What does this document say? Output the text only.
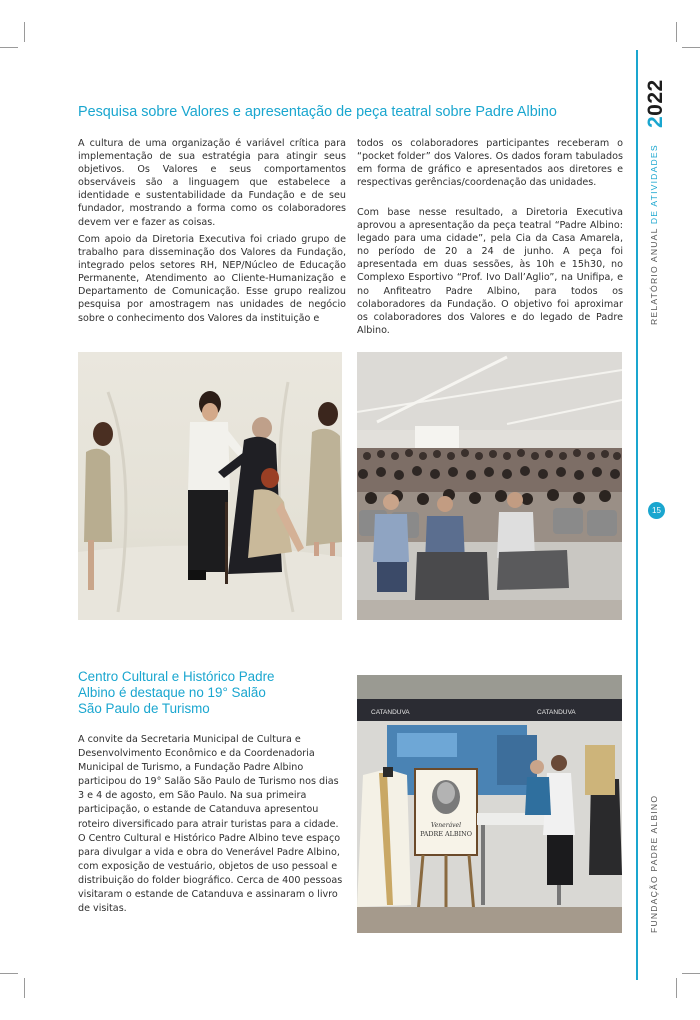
2022
RELATÓRIO ANUAL DE ATIVIDADES
15
FUNDAÇÃO PADRE ALBINO
Pesquisa sobre Valores e apresentação de peça teatral sobre Padre Albino

A cultura de uma organização é variável crítica para implementação de sua estratégia para atingir seus objetivos. Os Valores e seus comportamentos observáveis são a linguagem que estabelece a identidade e sustentabilidade da Fundação e de seu fundador, mostrando a forma como os colaboradores devem ver e fazer as coisas.

Com apoio da Diretoria Executiva foi criado grupo de trabalho para disseminação dos Valores da Fundação, integrado pelos setores RH, NEP/Núcleo de Educação Permanente, Atendimento ao Cliente-Humanização e Departamento de Comunicação. Esse grupo realizou pesquisa por amostragem nas unidades de negócio sobre o conhecimento dos Valores da instituição e

todos os colaboradores participantes receberam o “pocket folder” dos Valores. Os dados foram tabulados em forma de gráfico e apresentados aos diretores e respectivas gerências/coordenação das unidades.

Com base nesse resultado, a Diretoria Executiva aprovou a apresentação da peça teatral “Padre Albino: legado para uma cidade”, pela Cia da Casa Amarela, no período de 20 a 24 de junho. A peça foi apresentada em duas sessões, às 10h e 15h30, no Complexo Esportivo “Prof. Ivo Dall’Aglio”, na Unifipa, e no Anfiteatro Padre Albino, para todos os colaboradores da Fundação. O objetivo foi aproximar os colaboradores dos Valores e do legado de Padre Albino.

Centro Cultural e Histórico Padre
Albino é destaque no 19° Salão
São Paulo de Turismo

A convite da Secretaria Municipal de Cultura e Desenvolvimento Econômico e da Coordenadoria Municipal de Turismo, a Fundação Padre Albino participou do 19° Salão São Paulo de Turismo nos dias 3 e 4 de agosto, em São Paulo. Na sua primeira participação, o estande de Catanduva apresentou roteiro diversificado para atrair turistas para a cidade. O Centro Cultural e Histórico Padre Albino teve espaço para divulgar a vida e obra do Venerável Padre Albino, com exposição de vestuário, objetos de uso pessoal e distribuição do folder biográfico. Cerca de 400 pessoas visitaram o estande de Catanduva e assinaram o livro de visitas.

CATANDUVA	CATANDUVA
Venerável
PADRE ALBINO
